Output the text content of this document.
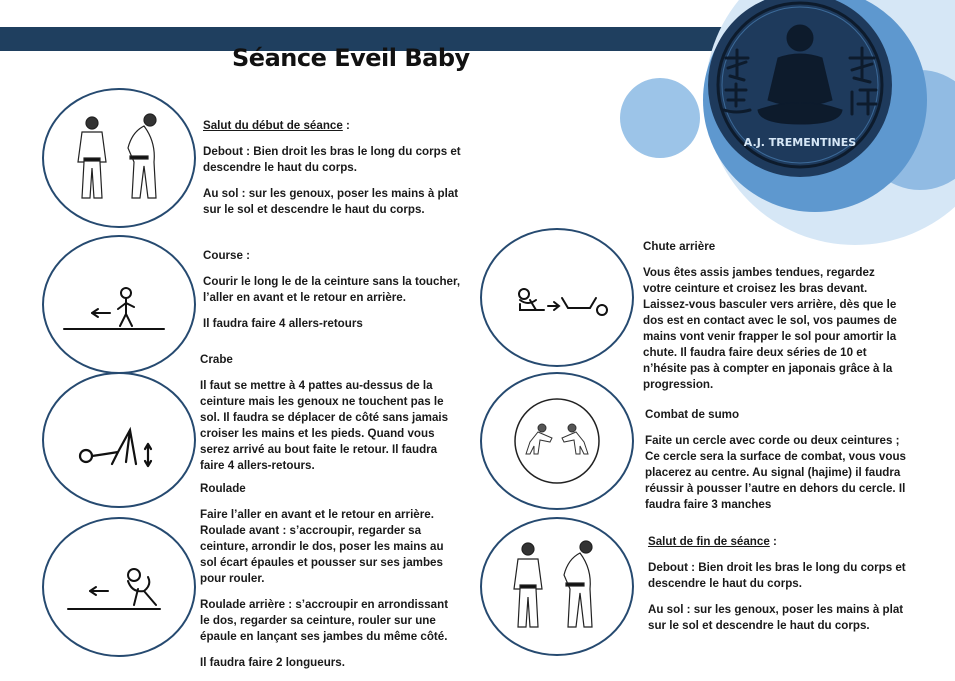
A.J. TREMENTINES
Séance Eveil Baby

Salut du début de séance :

Debout : Bien droit les bras le long du corps et descendre le haut du corps.

Au sol : sur les genoux, poser les mains à plat sur le sol et descendre le haut du corps.

Course :

Courir le long le de la ceinture sans la toucher, l’aller en avant et le retour en arrière.

Il faudra faire 4 allers-retours

Crabe

Il faut se mettre à 4 pattes au-dessus de la ceinture mais les genoux ne touchent pas le sol. Il faudra se déplacer de côté sans jamais croiser les mains et les pieds. Quand vous serez arrivé au bout faite le retour. Il faudra faire 4 allers-retours.

Roulade

Faire l’aller en avant et le retour en arrière. Roulade avant : s’accroupir, regarder sa ceinture, arrondir le dos, poser les mains au sol écart épaules et pousser sur ses jambes pour rouler.

Roulade arrière : s’accroupir en arrondissant le dos, regarder sa ceinture, rouler sur une épaule en lançant ses jambes du même côté.

Il faudra faire 2 longueurs.

Chute arrière

Vous êtes assis jambes tendues, regardez votre ceinture et croisez les bras devant. Laissez-vous basculer vers arrière, dès que le dos est en contact avec le sol, vos paumes de mains vont venir frapper le sol pour amortir la chute. Il faudra faire deux séries de 10 et n’hésite pas à compter en japonais grâce à la progression.

Combat de sumo

Faite un cercle avec corde ou deux ceintures ; Ce cercle sera la surface de combat, vous vous placerez au centre. Au signal (hajime) il faudra réussir à pousser l’autre en dehors du cercle. Il faudra faire 3 manches

Salut de fin de séance :

Debout : Bien droit les bras le long du corps et descendre le haut du corps.

Au sol : sur les genoux, poser les mains à plat sur le sol et descendre le haut du corps.
